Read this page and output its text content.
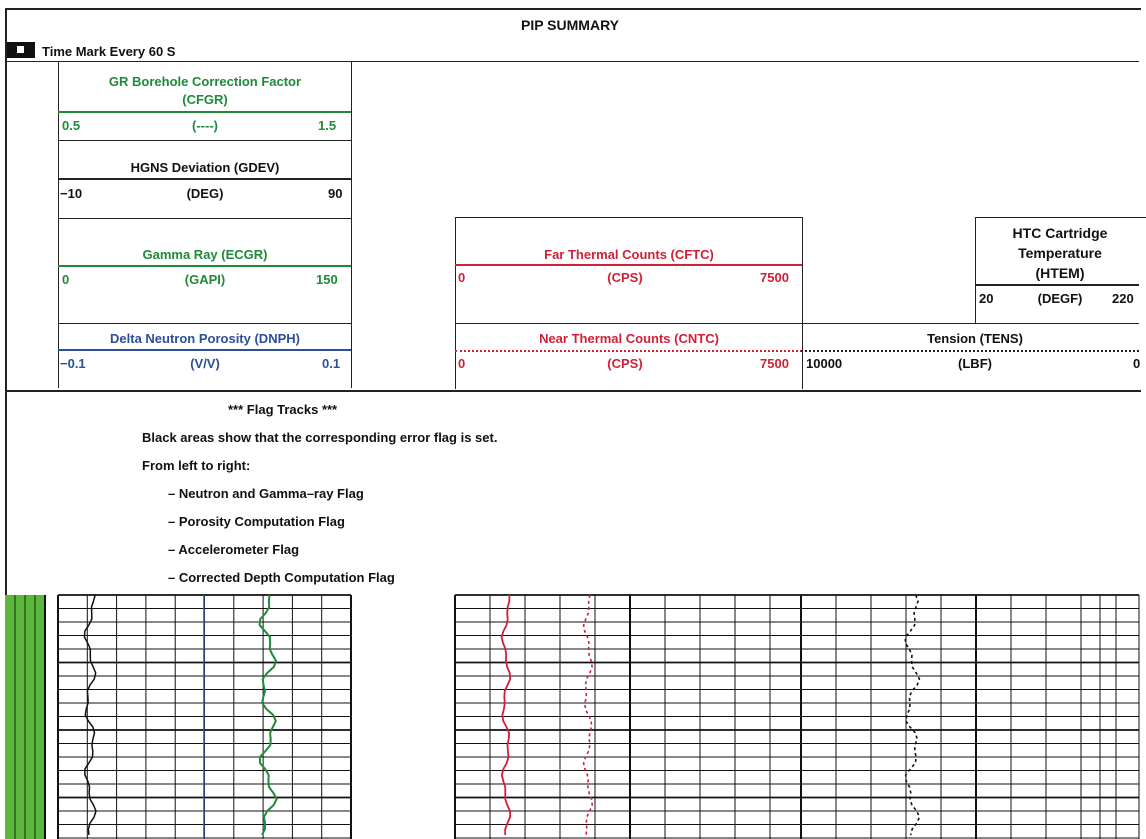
PIP SUMMARY
Time Mark Every 60 S
GR Borehole Correction Factor
(CFGR)
0.5	(----)	1.5
HGNS Deviation (GDEV)
−10	(DEG)	90
Gamma Ray (ECGR)
0	(GAPI)	150
Delta Neutron Porosity (DNPH)
−0.1	(V/V)	0.1
Far Thermal Counts (CFTC)
0	(CPS)	7500
Near Thermal Counts (CNTC)
0	(CPS)	7500
HTC Cartridge
Temperature
(HTEM)
20	(DEGF)	220
Tension (TENS)
10000	(LBF)	0
*** Flag Tracks ***
Black areas show that the corresponding error flag is set.
From left to right:
– Neutron and Gamma–ray Flag
– Porosity Computation Flag
– Accelerometer Flag
– Corrected Depth Computation Flag
